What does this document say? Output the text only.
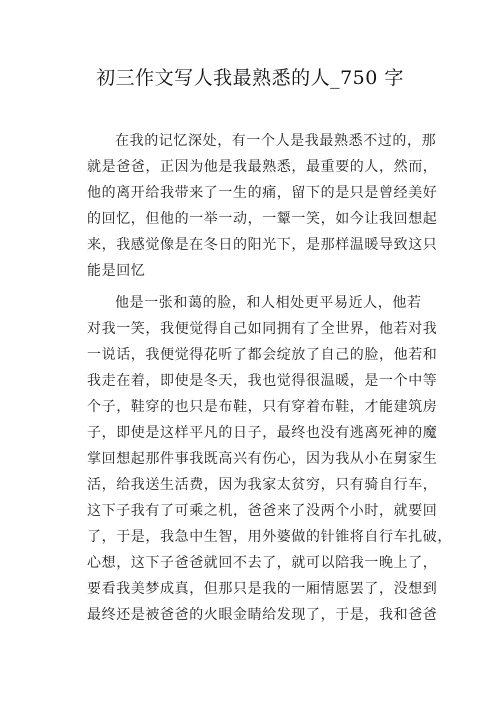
初三作文写人我最熟悉的人_750 字
在我的记忆深处，有一个人是我最熟悉不过的，那
就是爸爸，正因为他是我最熟悉，最重要的人，然而，
他的离开给我带来了一生的痛，留下的是只是曾经美好
的回忆，但他的一举一动，一颦一笑，如今让我回想起
来，我感觉像是在冬日的阳光下，是那样温暖导致这只
能是回忆
他是一张和蔼的脸，和人相处更平易近人，他若
对我一笑，我便觉得自己如同拥有了全世界，他若对我
一说话，我便觉得花听了都会绽放了自己的脸，他若和
我走在着，即使是冬天，我也觉得很温暖，是一个中等
个子，鞋穿的也只是布鞋，只有穿着布鞋，才能建筑房
子，即使是这样平凡的日子，最终也没有逃离死神的魔
掌回想起那件事我既高兴有伤心，因为我从小在舅家生
活，给我送生活费，因为我家太贫穷，只有骑自行车，
这下子我有了可乘之机，爸爸来了没两个小时，就要回
了，于是，我急中生智，用外婆做的针锥将自行车扎破，
心想，这下子爸爸就回不去了，就可以陪我一晚上了，
要看我美梦成真，但那只是我的一厢情愿罢了，没想到
最终还是被爸爸的火眼金睛给发现了，于是，我和爸爸
